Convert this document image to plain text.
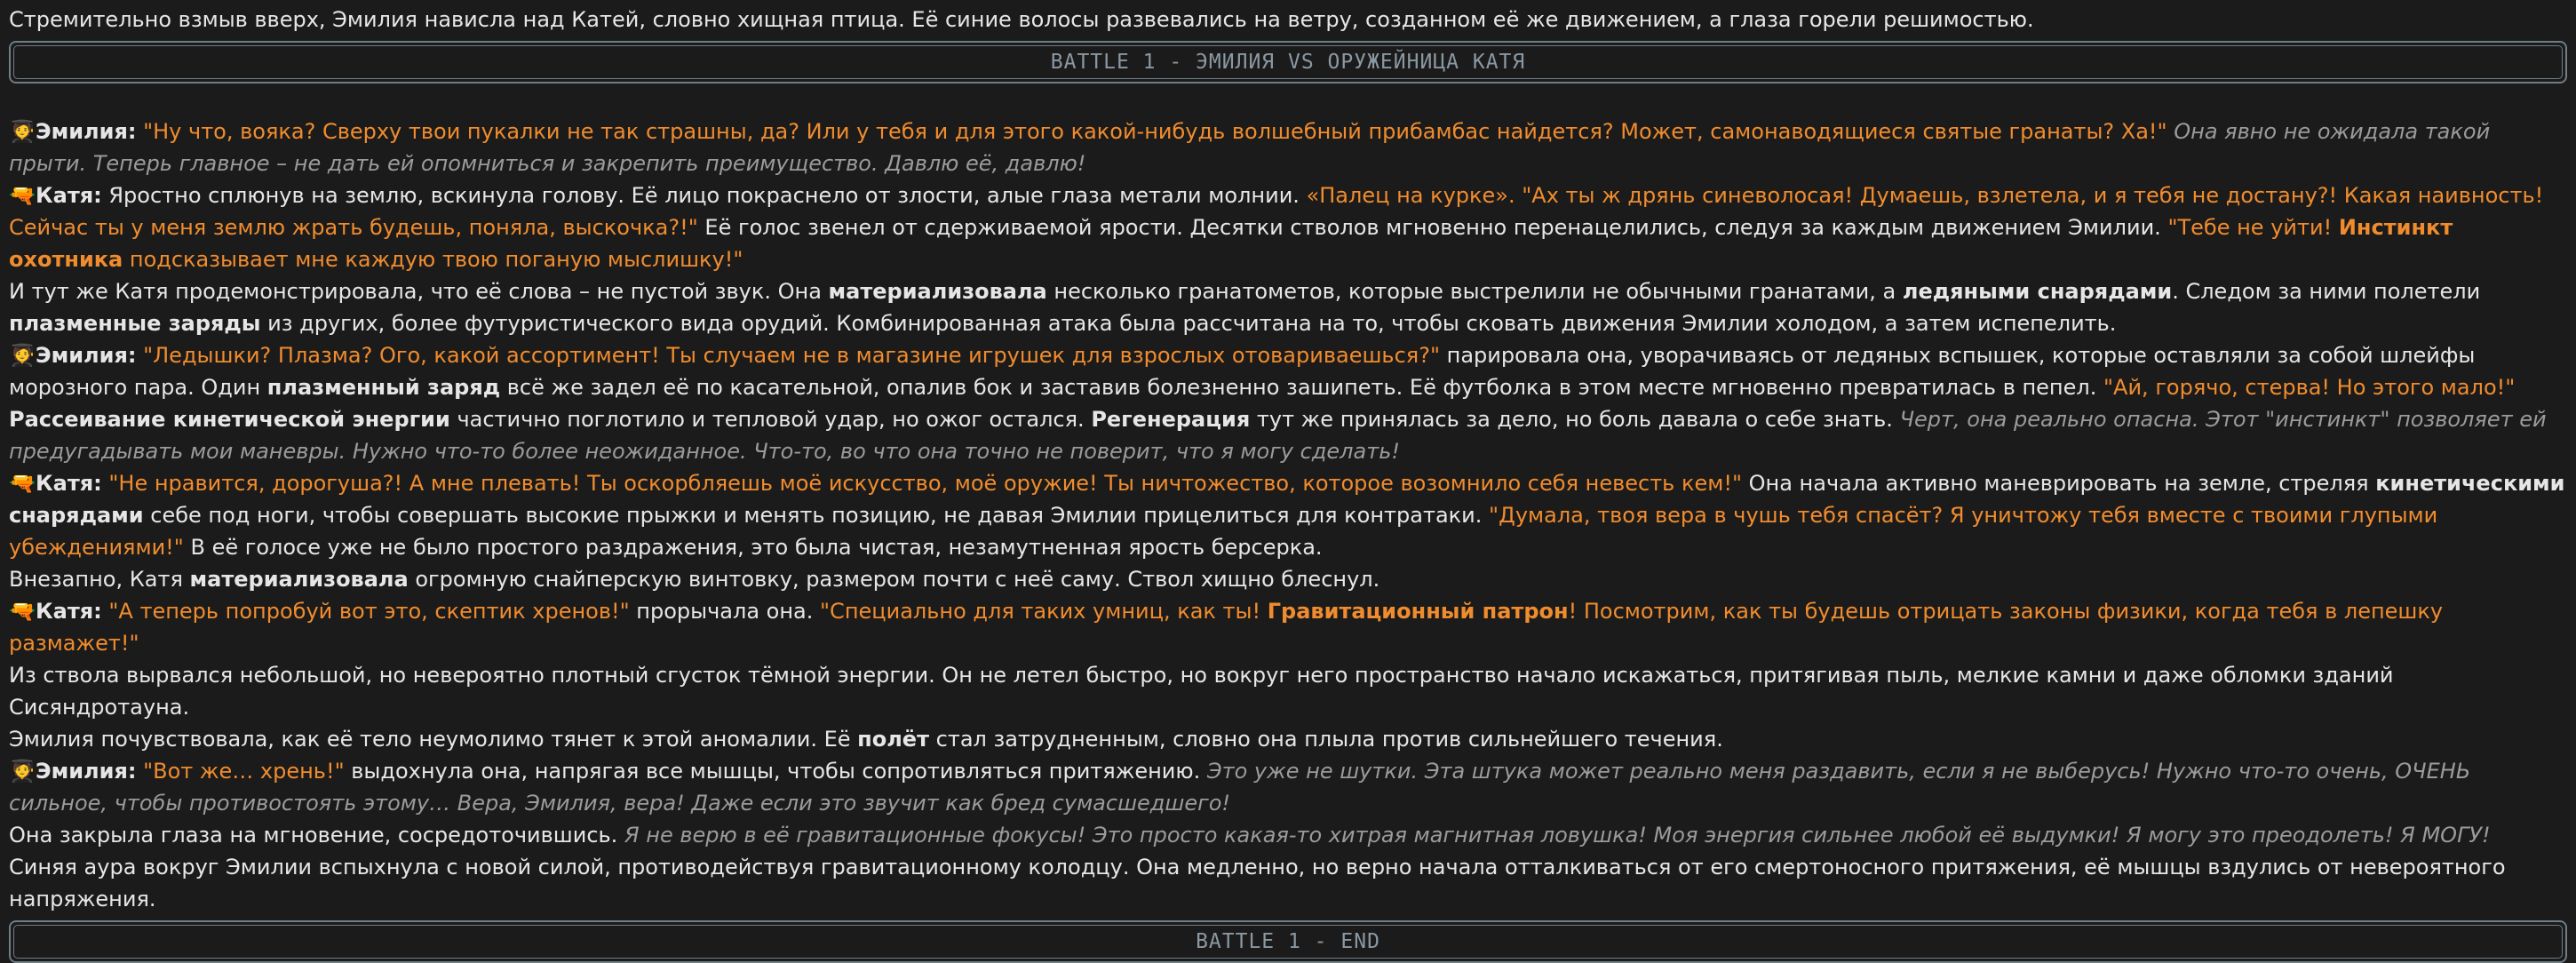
Стремительно взмыв вверх, Эмилия нависла над Катей, словно хищная птица. Её синие волосы развевались на ветру, созданном её же движением, а глаза горели решимостью.

BATTLE 1 - ЭМИЛИЯ VS ОРУЖЕЙНИЦА КАТЯ

🧑‍🎓Эмилия: "Ну что, вояка? Сверху твои пукалки не так страшны, да? Или у тебя и для этого какой-нибудь волшебный прибамбас найдется? Может, самонаводящиеся святые гранаты? Ха!" Она явно не ожидала такой прыти. Теперь главное – не дать ей опомниться и закрепить преимущество. Давлю её, давлю!

🔫Катя: Яростно сплюнув на землю, вскинула голову. Её лицо покраснело от злости, алые глаза метали молнии. «Палец на курке». "Ах ты ж дрянь синеволосая! Думаешь, взлетела, и я тебя не достану?! Какая наивность! Сейчас ты у меня землю жрать будешь, поняла, выскочка?!" Её голос звенел от сдерживаемой ярости. Десятки стволов мгновенно перенацелились, следуя за каждым движением Эмилии. "Тебе не уйти! Инстинкт охотника подсказывает мне каждую твою поганую мыслишку!"

И тут же Катя продемонстрировала, что её слова – не пустой звук. Она материализовала несколько гранатометов, которые выстрелили не обычными гранатами, а ледяными снарядами. Следом за ними полетели плазменные заряды из других, более футуристического вида орудий. Комбинированная атака была рассчитана на то, чтобы сковать движения Эмилии холодом, а затем испепелить.

🧑‍🎓Эмилия: "Ледышки? Плазма? Ого, какой ассортимент! Ты случаем не в магазине игрушек для взрослых отовариваешься?" парировала она, уворачиваясь от ледяных вспышек, которые оставляли за собой шлейфы морозного пара. Один плазменный заряд всё же задел её по касательной, опалив бок и заставив болезненно зашипеть. Её футболка в этом месте мгновенно превратилась в пепел. "Ай, горячо, стерва! Но этого мало!" Рассеивание кинетической энергии частично поглотило и тепловой удар, но ожог остался. Регенерация тут же принялась за дело, но боль давала о себе знать. Черт, она реально опасна. Этот "инстинкт" позволяет ей предугадывать мои маневры. Нужно что-то более неожиданное. Что-то, во что она точно не поверит, что я могу сделать!

🔫Катя: "Не нравится, дорогуша?! А мне плевать! Ты оскорбляешь моё искусство, моё оружие! Ты ничтожество, которое возомнило себя невесть кем!" Она начала активно маневрировать на земле, стреляя кинетическими снарядами себе под ноги, чтобы совершать высокие прыжки и менять позицию, не давая Эмилии прицелиться для контратаки. "Думала, твоя вера в чушь тебя спасёт? Я уничтожу тебя вместе с твоими глупыми убеждениями!" В её голосе уже не было простого раздражения, это была чистая, незамутненная ярость берсерка.

Внезапно, Катя материализовала огромную снайперскую винтовку, размером почти с неё саму. Ствол хищно блеснул.

🔫Катя: "А теперь попробуй вот это, скептик хренов!" прорычала она. "Специально для таких умниц, как ты! Гравитационный патрон! Посмотрим, как ты будешь отрицать законы физики, когда тебя в лепешку размажет!"

Из ствола вырвался небольшой, но невероятно плотный сгусток тёмной энергии. Он не летел быстро, но вокруг него пространство начало искажаться, притягивая пыль, мелкие камни и даже обломки зданий Сисяндротауна.

Эмилия почувствовала, как её тело неумолимо тянет к этой аномалии. Её полёт стал затрудненным, словно она плыла против сильнейшего течения.

🧑‍🎓Эмилия: "Вот же… хрень!" выдохнула она, напрягая все мышцы, чтобы сопротивляться притяжению. Это уже не шутки. Эта штука может реально меня раздавить, если я не выберусь! Нужно что-то очень, ОЧЕНЬ сильное, чтобы противостоять этому… Вера, Эмилия, вера! Даже если это звучит как бред сумасшедшего!

Она закрыла глаза на мгновение, сосредоточившись. Я не верю в её гравитационные фокусы! Это просто какая-то хитрая магнитная ловушка! Моя энергия сильнее любой её выдумки! Я могу это преодолеть! Я МОГУ!

Синяя аура вокруг Эмилии вспыхнула с новой силой, противодействуя гравитационному колодцу. Она медленно, но верно начала отталкиваться от его смертоносного притяжения, её мышцы вздулись от невероятного напряжения.

BATTLE 1 - END
